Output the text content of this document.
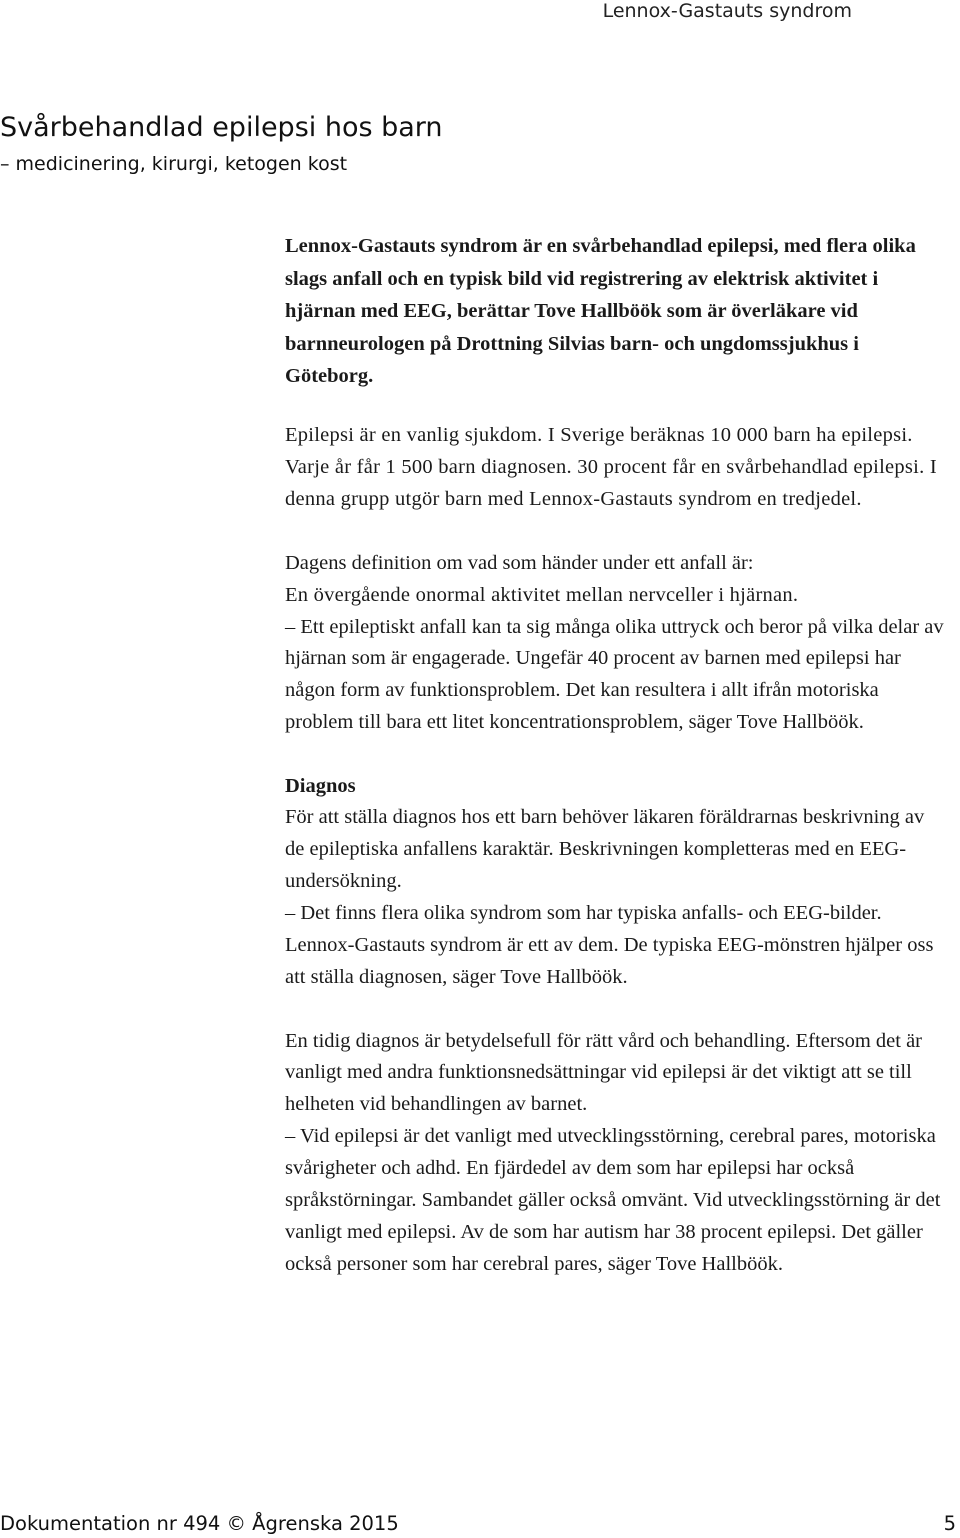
Lennox-Gastauts syndrom
Svårbehandlad epilepsi hos barn
– medicinering, kirurgi, ketogen kost

Lennox-Gastauts syndrom är en svårbehandlad epilepsi, med flera olika slags anfall och en typisk bild vid registrering av elektrisk aktivitet i hjärnan med EEG, berättar Tove Hallböök som är överläkare vid barnneurologen på Drottning Silvias barn- och ungdomssjukhus i Göteborg.

Epilepsi är en vanlig sjukdom. I Sverige beräknas 10 000 barn ha epilepsi. Varje år får 1 500 barn diagnosen. 30 procent får en svårbehandlad epilepsi. I denna grupp utgör barn med Lennox-Gastauts syndrom en tredjedel.

Dagens definition om vad som händer under ett anfall är:

En övergående onormal aktivitet mellan nervceller i hjärnan.

– Ett epileptiskt anfall kan ta sig många olika uttryck och beror på vilka delar av hjärnan som är engagerade. Ungefär 40 procent av barnen med epilepsi har någon form av funktionsproblem. Det kan resultera i allt ifrån motoriska problem till bara ett litet koncentrationsproblem, säger Tove Hallböök.

Diagnos

För att ställa diagnos hos ett barn behöver läkaren föräldrarnas beskrivning av de epileptiska anfallens karaktär. Beskrivningen kompletteras med en EEG-undersökning.

– Det finns flera olika syndrom som har typiska anfalls- och EEG-bilder. Lennox-Gastauts syndrom är ett av dem. De typiska EEG-mönstren hjälper oss att ställa diagnosen, säger Tove Hallböök.

En tidig diagnos är betydelsefull för rätt vård och behandling. Eftersom det är vanligt med andra funktionsnedsättningar vid epilepsi är det viktigt att se till helheten vid behandlingen av barnet.

– Vid epilepsi är det vanligt med utvecklingsstörning, cerebral pares, motoriska svårigheter och adhd. En fjärdedel av dem som har epilepsi har också språkstörningar. Sambandet gäller också omvänt. Vid utvecklingsstörning är det vanligt med epilepsi. Av de som har autism har 38 procent epilepsi. Det gäller också personer som har cerebral pares, säger Tove Hallböök.

Dokumentation nr 494 © Ågrenska 2015	5
